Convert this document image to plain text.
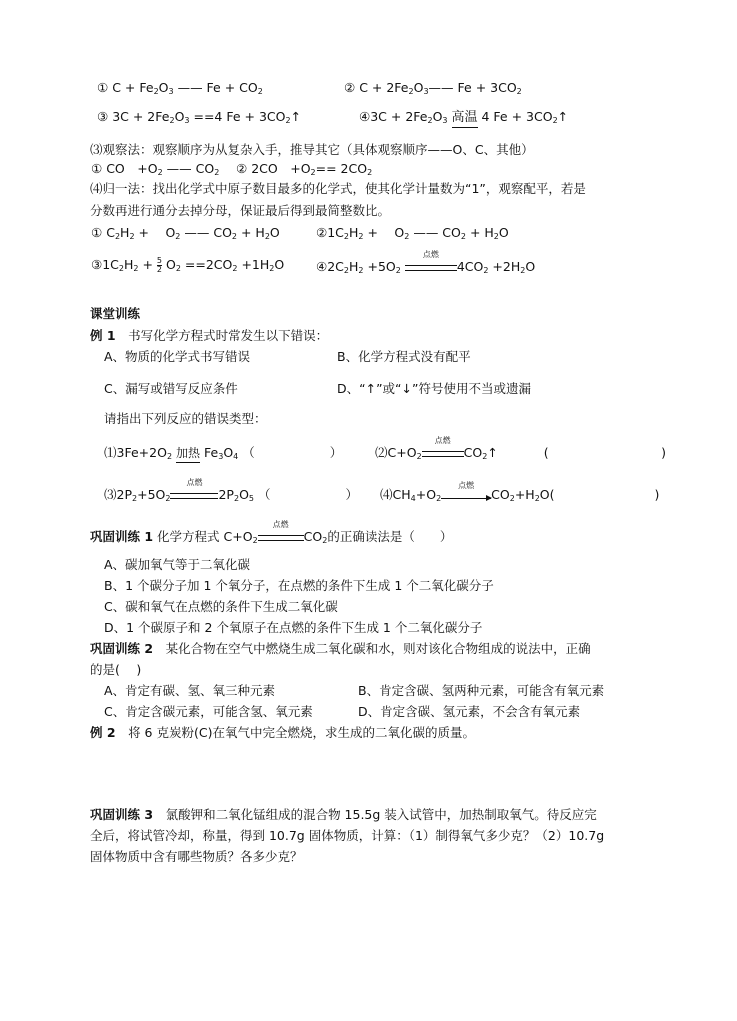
① $C + Fe_2O_3$ —— $Fe + CO_2$	② $C + 2Fe_2O_3——$ $Fe + 3CO_2$
③ $3C + 2Fe_2O_3 ==4$ $Fe + 3CO_2↑$	④3C + $2Fe_2O_3$ 高温 4 $Fe + 3CO_2↑$
⑶观察法：观察顺序为从复杂入手，推导其它（具体观察顺序——O、C、其他）
① CO　$+O_2$ —— $CO_2$ ② 2CO　$+O_2== 2CO_2$
⑷归一法：找出化学式中原子数目最多的化学式，使其化学计量数为“1”，观察配平，若是
分数再进行通分去掉分母，保证最后得到最简整数比。
① $C_2H_2$ +　 $O_2$ —— $CO_2 + H_2O$	$②1C_2H_2$ +　 $O_2$ —— $CO_2 + H_2O$
$③1C_2H_2 + \frac{5}{2} O_2 ==2CO_2 +1H_2O$	$④2C_2H_2 +5O_2$
点燃
$4CO_2 +2H_2O$
课堂训练
例 1　书写化学方程式时常发生以下错误：
A、物质的化学式书写错误	B、化学方程式没有配平
C、漏写或错写反应条件	D、“↑”或“↓”符号使用不当或遗漏
请指出下列反应的错误类型：
$⑴3Fe+2O_2$ 加热 $Fe_3O_4$ （　　　　　　）	$⑵C+O_2$
点燃
$CO_2↑$	(　　　　　　　　　)
$⑶2P_2+5O_2$
点燃
$2P_2O_5$ （　　　　　　） $⑷CH_4+O_2$
点燃
$CO_2+H_2O$(　　　　　　　　)
巩固训练 1 化学方程式 $C+O_2$
点燃
$CO_2$的正确读法是（　　）
A、碳加氧气等于二氧化碳
B、1 个碳分子加 1 个氧分子，在点燃的条件下生成 1 个二氧化碳分子
C、碳和氧气在点燃的条件下生成二氧化碳
D、1 个碳原子和 2 个氧原子在点燃的条件下生成 1 个二氧化碳分子
巩固训练 2　某化合物在空气中燃烧生成二氧化碳和水，则对该化合物组成的说法中，正确
的是(　 )
A、肯定有碳、氢、氧三种元素	B、肯定含碳、氢两种元素，可能含有氧元素
C、肯定含碳元素，可能含氢、氧元素	D、肯定含碳、氢元素，不会含有氧元素
例 2　将 6 克炭粉(C)在氧气中完全燃烧，求生成的二氧化碳的质量。
巩固训练 3　氯酸钾和二氧化锰组成的混合物 15.5g 装入试管中，加热制取氧气。待反应完
全后，将试管冷却，称量，得到 10.7g 固体物质，计算：（1）制得氧气多少克？（2）10.7g
固体物质中含有哪些物质？各多少克？
